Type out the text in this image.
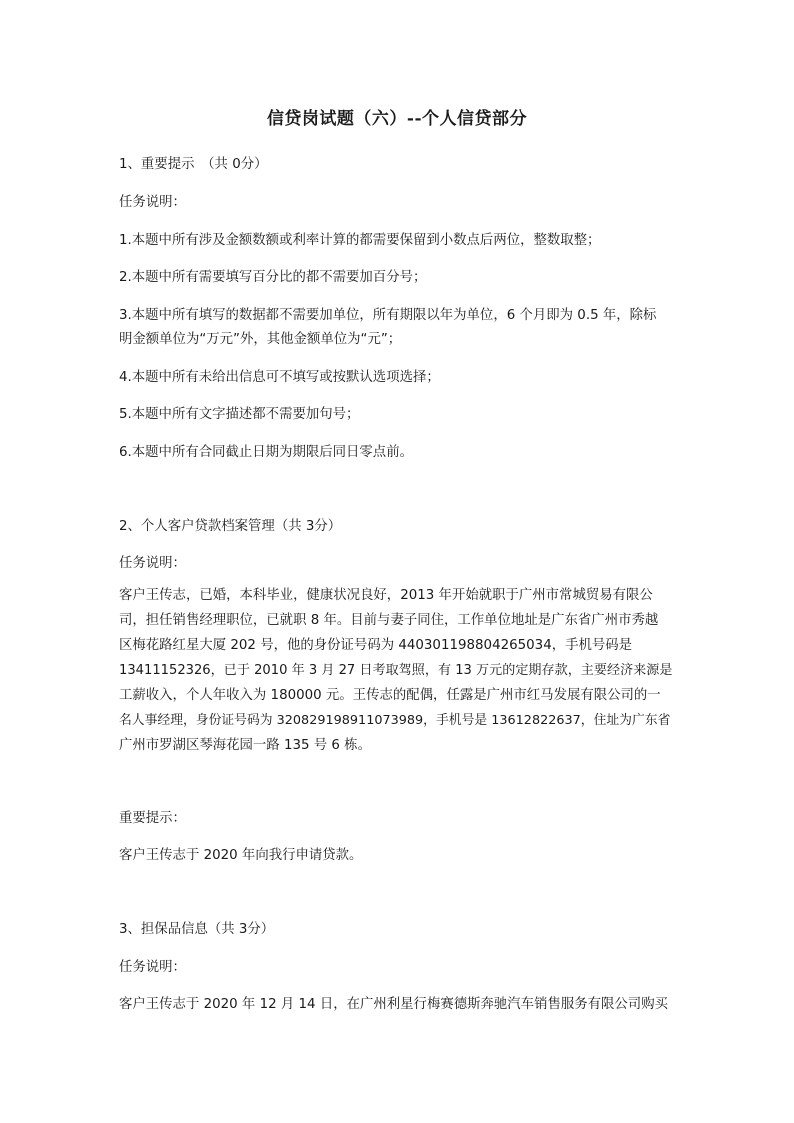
信贷岗试题（六）--个人信贷部分
1、重要提示　（共 0分）
任务说明：
1.本题中所有涉及金额数额或利率计算的都需要保留到小数点后两位，整数取整；
2.本题中所有需要填写百分比的都不需要加百分号；
3.本题中所有填写的数据都不需要加单位，所有期限以年为单位，6 个月即为 0.5 年，除标
明金额单位为“万元”外，其他金额单位为“元”；
4.本题中所有未给出信息可不填写或按默认选项选择；
5.本题中所有文字描述都不需要加句号；
6.本题中所有合同截止日期为期限后同日零点前。
2、个人客户贷款档案管理（共 3分）
任务说明：
客户王传志，已婚，本科毕业，健康状况良好，2013 年开始就职于广州市常城贸易有限公
司，担任销售经理职位，已就职 8 年。目前与妻子同住，工作单位地址是广东省广州市秀越
区梅花路红星大厦 202 号，他的身份证号码为 440301198804265034，手机号码是
13411152326，已于 2010 年 3 月 27 日考取驾照，有 13 万元的定期存款，主要经济来源是
工薪收入，个人年收入为 180000 元。王传志的配偶，任露是广州市红马发展有限公司的一
名人事经理，身份证号码为 320829198911073989，手机号是 13612822637，住址为广东省
广州市罗湖区琴海花园一路 135 号 6 栋。
重要提示：
客户王传志于 2020 年向我行申请贷款。
3、担保品信息（共 3分）
任务说明：
客户王传志于 2020 年 12 月 14 日，在广州利星行梅赛德斯奔驰汽车销售服务有限公司购买
